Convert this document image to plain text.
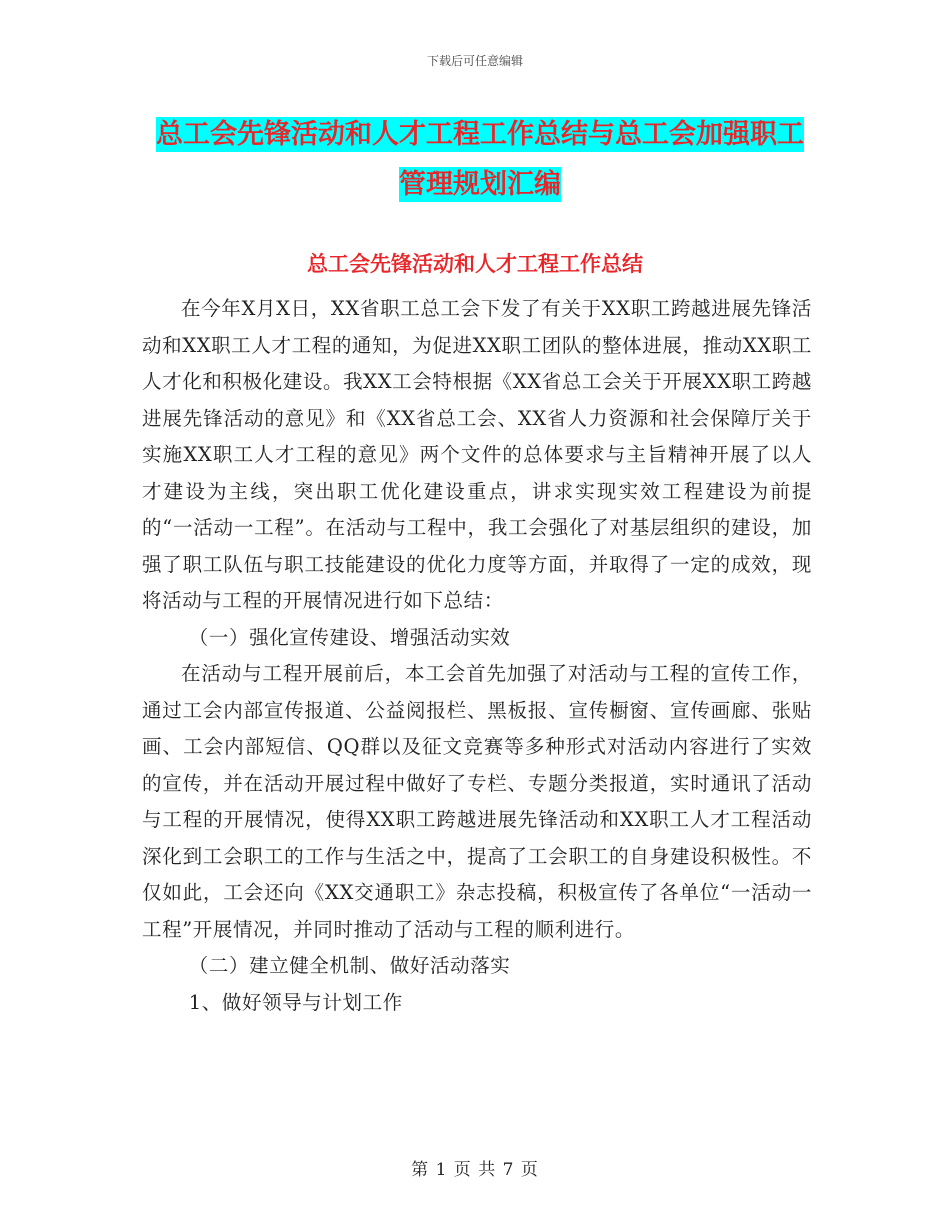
下载后可任意编辑
总工会先锋活动和人才工程工作总结与总工会加强职工管理规划汇编
总工会先锋活动和人才工程工作总结

在今年X月X日，XX省职工总工会下发了有关于XX职工跨越进展先锋活动和XX职工人才工程的通知，为促进XX职工团队的整体进展，推动XX职工人才化和积极化建设。我XX工会特根据《XX省总工会关于开展XX职工跨越进展先锋活动的意见》和《XX省总工会、XX省人力资源和社会保障厅关于实施XX职工人才工程的意见》两个文件的总体要求与主旨精神开展了以人才建设为主线，突出职工优化建设重点，讲求实现实效工程建设为前提的“一活动一工程”。在活动与工程中，我工会强化了对基层组织的建设，加强了职工队伍与职工技能建设的优化力度等方面，并取得了一定的成效，现将活动与工程的开展情况进行如下总结：

（一）强化宣传建设、增强活动实效

在活动与工程开展前后，本工会首先加强了对活动与工程的宣传工作，通过工会内部宣传报道、公益阅报栏、黑板报、宣传橱窗、宣传画廊、张贴画、工会内部短信、QQ群以及征文竞赛等多种形式对活动内容进行了实效的宣传，并在活动开展过程中做好了专栏、专题分类报道，实时通讯了活动与工程的开展情况，使得XX职工跨越进展先锋活动和XX职工人才工程活动深化到工会职工的工作与生活之中，提高了工会职工的自身建设积极性。不仅如此，工会还向《XX交通职工》杂志投稿，积极宣传了各单位“一活动一工程”开展情况，并同时推动了活动与工程的顺利进行。

（二）建立健全机制、做好活动落实

1、做好领导与计划工作

第 1 页 共 7 页
